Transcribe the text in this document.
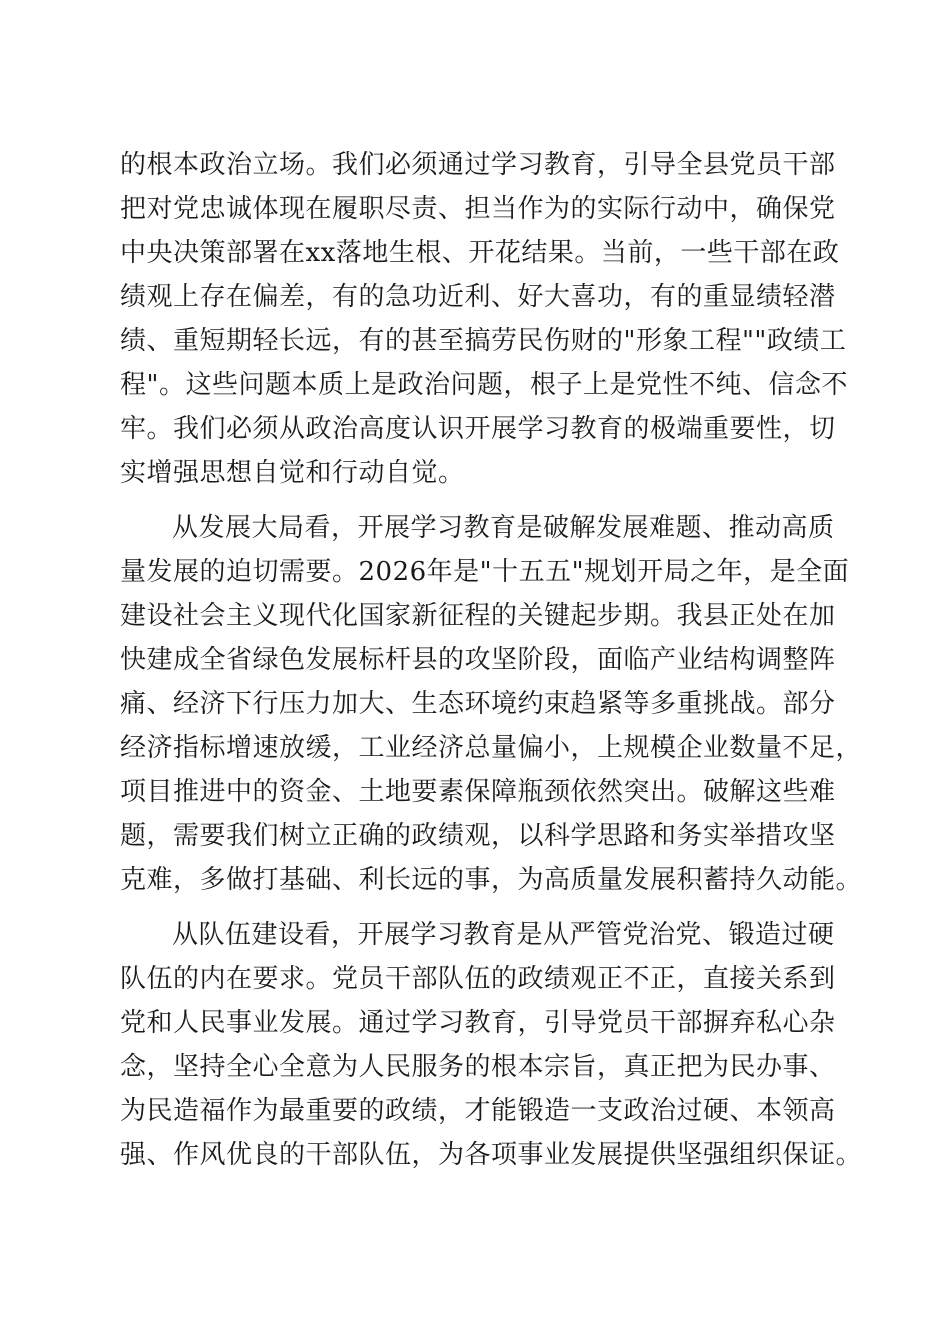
的根本政治立场。我们必须通过学习教育，引导全县党员干部
把对党忠诚体现在履职尽责、担当作为的实际行动中，确保党
中央决策部署在xx落地生根、开花结果。当前，一些干部在政
绩观上存在偏差，有的急功近利、好大喜功，有的重显绩轻潜
绩、重短期轻长远，有的甚至搞劳民伤财的"形象工程""政绩工
程"。这些问题本质上是政治问题，根子上是党性不纯、信念不
牢。我们必须从政治高度认识开展学习教育的极端重要性，切
实增强思想自觉和行动自觉。
从发展大局看，开展学习教育是破解发展难题、推动高质
量发展的迫切需要。2026年是"十五五"规划开局之年，是全面
建设社会主义现代化国家新征程的关键起步期。我县正处在加
快建成全省绿色发展标杆县的攻坚阶段，面临产业结构调整阵
痛、经济下行压力加大、生态环境约束趋紧等多重挑战。部分
经济指标增速放缓，工业经济总量偏小，上规模企业数量不足，
项目推进中的资金、土地要素保障瓶颈依然突出。破解这些难
题，需要我们树立正确的政绩观，以科学思路和务实举措攻坚
克难，多做打基础、利长远的事，为高质量发展积蓄持久动能。
从队伍建设看，开展学习教育是从严管党治党、锻造过硬
队伍的内在要求。党员干部队伍的政绩观正不正，直接关系到
党和人民事业发展。通过学习教育，引导党员干部摒弃私心杂
念，坚持全心全意为人民服务的根本宗旨，真正把为民办事、
为民造福作为最重要的政绩，才能锻造一支政治过硬、本领高
强、作风优良的干部队伍，为各项事业发展提供坚强组织保证。
